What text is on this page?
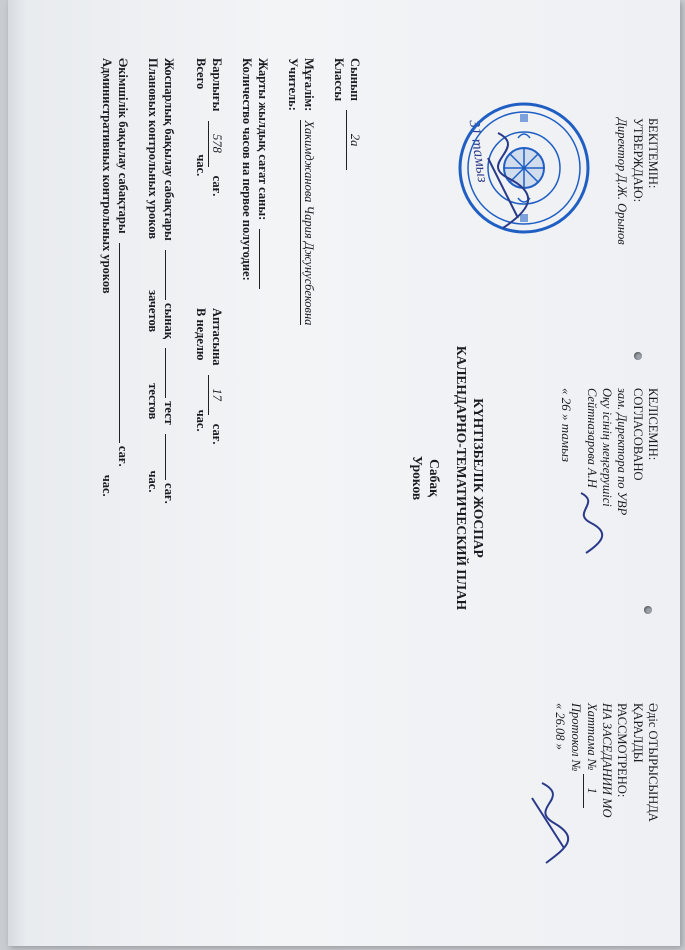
БЕКІТЕМІН:
УТВЕРЖДАЮ:
Директор Д.Ж. Орынов
31 тамыз
КЕЛІСЕМІН:
СОГЛАСОВАНО
зам. Директора по УВР
Оқу ісінің меңгерушісі
Сейтназарова А.Н
« 26 » тамыз
Әдіс ОТЫРЫСЫНДА
ҚАРАЛДЫ
РАССМОТРЕНО:
НА ЗАСЕДАНИИ МО
Хаттама № 1
Протокол №
« 26.08 »
КҮНТІЗБЕЛІК ЖОСПАР
КАЛЕНДАРНО-ТЕМАТИЧЕСКИЙ ПЛАН
Сабақ
Уроков
Сынып 2а
Классы
Мұғалім: Хакимджанова Чария Джунусбековна
Учитель:
Жарты жылдық сағат саны:
Количество часов на первое полугодие:
Барлығы 578 сағ.
Всего час.
Аптасына 17 сағ.
В неделю час.
Жоспарлық бақылау сабақтары  сынақ  тест  сағ.
Плановых контрольных уроков зачетов тестов час.
Әкімшілік бақылау сабақтары  сағ.
Административных контрольных уроков час.
